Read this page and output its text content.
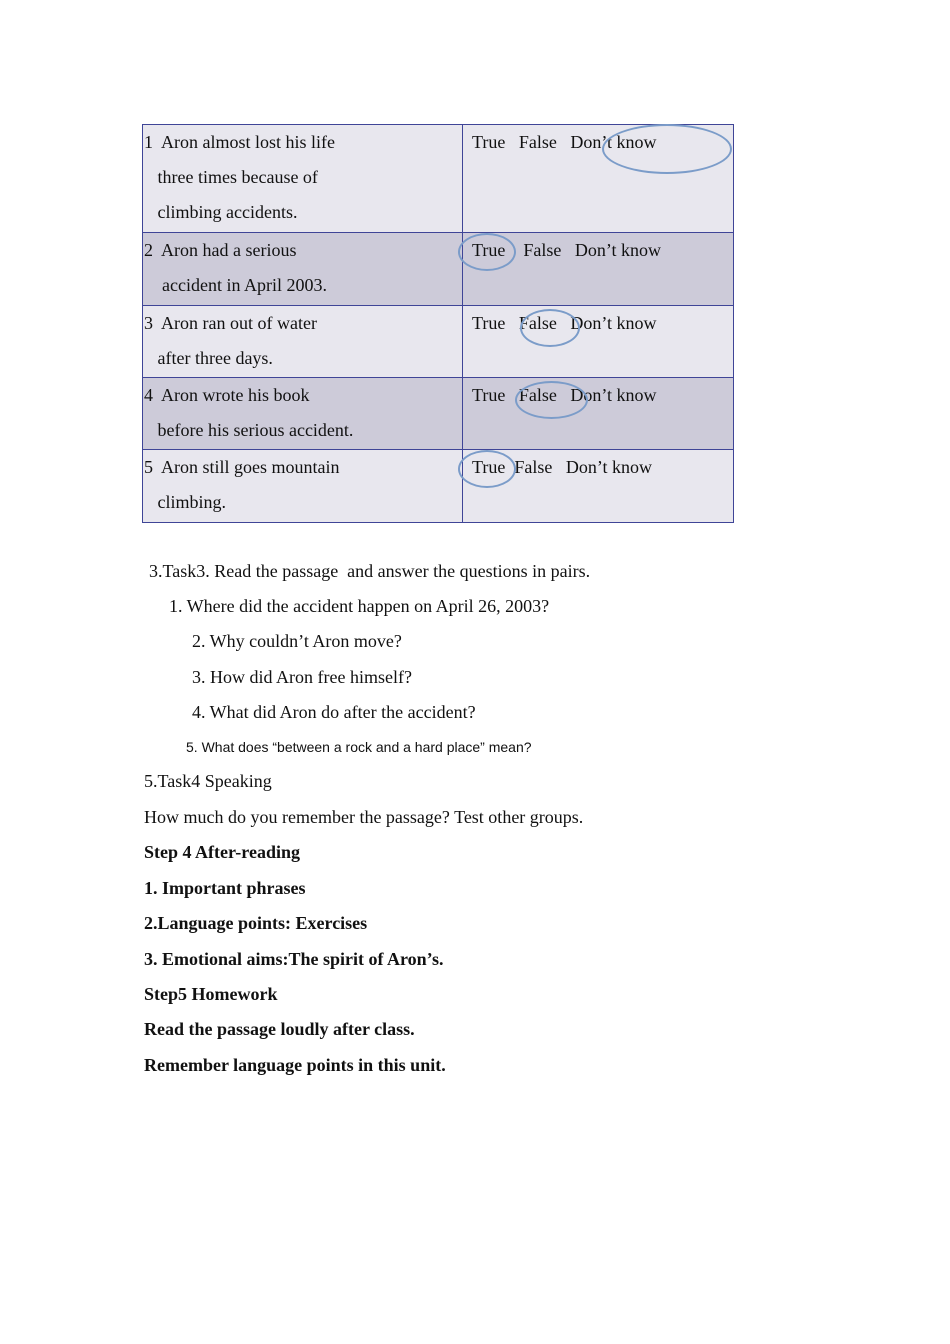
1  Aron almost lost his life
three times because of
climbing accidents.	True False Don’t know

2  Aron had a serious
accident in April 2003.	True False Don’t know

3  Aron ran out of water
after three days.	True False Don’t know

4  Aron wrote his book
before his serious accident.	True False Don’t know

5  Aron still goes mountain
climbing.	True False Don’t know
3.Task3. Read the passage  and answer the questions in pairs.
1. Where did the accident happen on April 26, 2003?
2. Why couldn’t Aron move?
3. How did Aron free himself?
4. What did Aron do after the accident?
5. What does “between a rock and a hard place” mean?
5.Task4 Speaking
How much do you remember the passage? Test other groups.
Step 4 After-reading
1. Important phrases
2.Language points: Exercises
3. Emotional aims:The spirit of Aron’s.
Step5 Homework
Read the passage loudly after class.
Remember language points in this unit.
